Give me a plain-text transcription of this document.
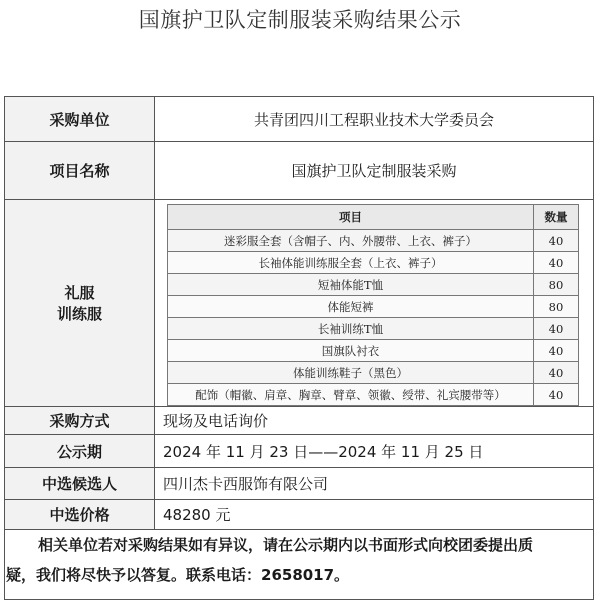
国旗护卫队定制服装采购结果公示
采购单位	共青团四川工程职业技术大学委员会
项目名称	国旗护卫队定制服装采购
礼服
训练服
项目	数量
迷彩服全套（含帽子、内、外腰带、上衣、裤子）	40
长袖体能训练服全套（上衣、裤子）	40
短袖体能T恤	80
体能短裤	80
长袖训练T恤	40
国旗队衬衣	40
体能训练鞋子（黑色）	40
配饰（帽徽、肩章、胸章、臂章、领徽、绶带、礼宾腰带等）	40
采购方式	现场及电话询价
公示期	2024 年 11 月 23 日——2024 年 11 月 25 日
中选候选人	四川杰卡西服饰有限公司
中选价格	48280 元
相关单位若对采购结果如有异议，请在公示期内以书面形式向校团委提出质
疑，我们将尽快予以答复。联系电话：2658017。
